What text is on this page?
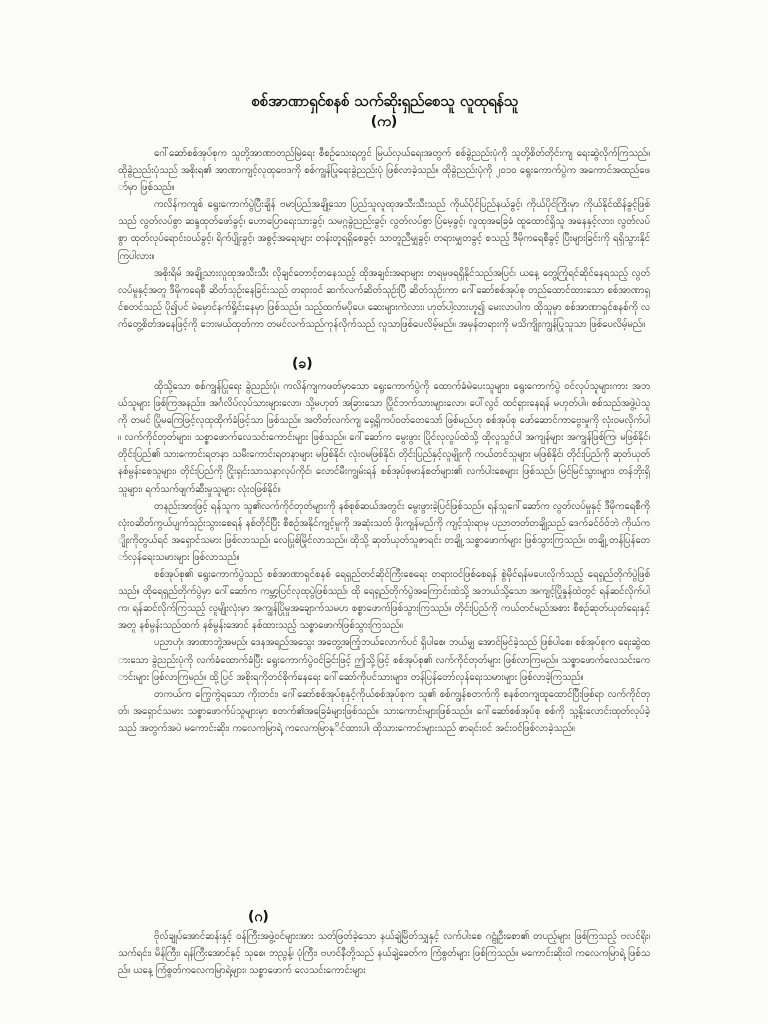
စစ်အာဏာရှင်စနစ် သက်ဆိုးရှည်စေသူ လူထုရန်သူ
(က)

ဂေါ်ဆော်စစ်အုပ်စုက သူတို့အာဏာတည်မြဲရေး စီစဉ်သေးရတွင် မြယ်လှယ်ရေးအတွက် စစ်ခွဲညည်းပုံကို သူတို့စိတ်တိုင်းကျ ရေးဆွဲလိုက်ကြသည်။ ထိုခွဲညည်းပုံသည် အစိုးရ၏ အာဏာကျင့်လုထုဗေဒကို စစ်ကျွန်ပြုရေးခွဲညည်းပုံ ဖြစ်လာခဲ့သည်။ ထိုခွဲညည်းပုံကို ၂၀၁၀ ရွေးကောက်ပွဲက အကောင်အထည်ဖော်မှာ ဖြစ်သည်။

ကလိန်ကကျစ် ရွေးကောက်ပွဲပြီးချိန် ဗမာပြည်အချို့သော ပြည်သူလူထုအသီးသီးသည် ကိုယ်ပိုင်ပြည်နယ်ခွင့်၊ ကိုယ်ပိုင်ကြိုးမှာ ကိုယ်နိုင်ထိန်ခွင့်ဖြစ်သည် လွတ်လပ်စွာ ဆန္ဒထုတ်ဖော်ခွင့်၊ ဟောပြောရေးသားခွင့်၊ သမဂ္ဂခွဲညည်းခွင့်၊ လွတ်လပ်စွာ ပြံမေ့ခွင့်၊ လူထုအခြေခံ ထူထောင်ရှိသူ အနေနှင့်လား၊ လွတ်လပ်စွာ ထုတ်လုပ်ရောင်းဝယ်ခွင့်၊ ရိက်ပျိုးခွင့်၊ အစွင့်အရေးများ တန်းတူရရှိစေခွင့်၊ သာတူညီမျှခွင့်၊ တရားမျှတခွင့် စသည့် ဒီမိုကရေစီခွင့် ပြီးများခြင်းကို ရရှိသွားနိုင်ကြပါလား။

အစိုးရိမ် အချို့သားလူထုအသီးသီး လိုချင်တောင့်တနေသည့် ထိုအချင်းအရာများ တရမှဖရရှိနိုင်သည်အပြင်၊ ယနေ့ တွေ့ကြုံရင်ဆိုင်နေရသည့် လွတ်လပ်မှုနှင့်အတူ ဒီမိုကရေစီ ဆိတ်သုဉ်းနေခြင်းသည် တရားဝင် ဆက်လက်ဆိတ်သုဉ်းပြီ ဆိတ်သုဉ်းကာ ဂေါ်ဆော်စစ်အုပ်စု တည်ထောင်ထားသော စစ်အာဏာရှင်စတင်သည် ပို၍ပင် မဲမှောင်နက်ရှိုင်းနေမှာ ဖြစ်သည်။ သည့်ထက်မပိုပေ၊ ဆေးများကဲလား၊ ဟုတ်ပါ့လားဟူ၍ မေးလာပါက ထိုသူမှာ စစ်အာဏာရှင်စနစ်ကို လက်တွေ့စိတ်အနေဖြင့်ကို ဘေးမယ်ထုတ်ကာ တမင်လက်သည်ကုန်လိုက်သည် လူသာဖြစ်ပေလိမ့်မည်။ အမှန်တရားကို မသိကျိုးကျွန်ပြုသူသာ ဖြစ်ပေလိမ့်မည်။

(ခ)

ထိုသို့သော စစ်ကျွန်ပြုရေး ခွဲညည်းပုံ၊ ကလိန်ကျကဖတ်မှာသော ရွေးကောက်ပွဲကို ထောက်ခံမဲပေးသူများ၊ ရွေးကောက်ပွဲ ဝင်လုပ်သူများကား အဘယ်သူများ ဖြစ်ကြအနည်း။ အင်္ဂလိပ်လုပ်သားများလော၊ သို့မဟုတ် အခြားသော ပြိုင်ဘက်သားများလော၊ ပေါ်လွင် ထင်ရှားနေရန် မဟုတ်ပါ။ စစ်သည်အဖွဲ့ပဲသူကို တမင် ပြိုမကြေဖြင့်လုထုထိုက်ခံဖြင့်သာ ဖြစ်သည်။ အတိတ်လက်ကျ ရှေ့ရှိကပ်ဝတ်တေသော် ဖြစ်မည်ဟု စစ်အုပ်စု ဖော်ဆောင်ကာဗွေးမှုကို လုံးဝမလိုက်ပါ။ လက်ကိုင်တုတ်များ၊ သစ္စာဖောက်လေသင်းကောင်းများ ဖြစ်သည်။ ဂေါ်ဆော်က မွေးဖွား ပြိုင်လုလွပ်ထဲသို့ ထိုလူသွင်ပါ အကျန်များ အကျွန်ဖြစ်ကြ၊ မဖြစ်နိုင်၊ တိုင်းပြည်၏ သားကောင်းရတနာ သမီးကောင်းရတနာများ မဖြစ်နိုင်၊ လုံးဝမဖြစ်နိုင်၊ တိုင်းပြည်နှင့်လူမျိုးကို ကယ်တင်သူများ မဖြစ်နိုင်၊ တိုင်းပြည်ကို ဆုတ်ယုတ်နစ်မွန်းစေသူများ၊ တိုင်းပြည်ကို ငြိုးရှင်းသာသနာလုပ်ကိုင်၊ လောင်မီးကျွမ်းရန် စစ်အုပ်စုမာန်စတ်များ၏ လက်ပါးစေများ ဖြစ်သည်၊ မြင်မြင်သွားများ၊ တန်ဘိုးရှိသူများ၊ ရက်သက်ဖျက်ဆီးမှုသူများ လုံးဝဖြစ်နိုင်။

တနည်းအားဖြင့် ရန်သူက သူ၏လက်ကိုင်တုတ်များကို နစ်စုစ်ဆယ်အတွင်း မွေးဖွားခဲ့ပြင်ဖြစ်သည်။ ရန်သူဂေါ်ဆော်က လွတ်လပ်မှုနှင့် ဒီမိုကရေစီကို လုံးဝဆိတ်ကွယ်ပျက်သုဉ်းသွားစေရန် နစ်တိုင်ပြီး စီစဉ်အနိုင်ကျင့်မှုကို အဆုံးသတ် ဖိုးကျန်မည်ကို ကျင့်သုံးရာမှ ပညာတတ်တချို့သည် ဒေက်ခင်ဝ်ဝ်ဘဲ ကိုယ်ကျိုးကိုတွယ်ရင် အရှောင်သမား ဖြစ်လာသည်၊ လေပြုစ်မြိုင်လာသည်။ ထိုသို့ ဆုတ်ယုတ်သူဇာရင်း တချို့ သစ္စာဖောက်များ ဖြစ်သွားကြသည်။ တချို့ တန်ပြန်တော်လှန်ရေးသမားများ ဖြစ်လာသည်။

စစ်အုပ်စု၏ ရွေးကောက်ပွဲသည် စစ်အာဏာရှင်စနစ် ရေရှည်တင်ဆိုင်ကြီးစေရေး တရားဝင်ဖြစ်စေရန် စွဲမိုင်ရန်မပေးလိုက်သည့် ရေရှည်တိုက်ပွဲဖြစ်သည်။ ထိုရေရှည်တိုက်ပွဲမှာ ဂေါ်ဆော်က ကမ္ဘာ့ပြင်လုထုပွဲဖြစ်သည်၊ ထို ရေရှည်တိုက်ပွဲအကြောင်းထဲသို့ အဘယ်သို့သော အကျင့်ပြိုနှုန်ထဲတွင် ရန်ဆင်လိုက်ပါက၊ ရန်ဆင်လိုက်ကြသည့် လူမျိုးလုံးမှာ အကျွန်ပြိုမှုအချောက်သမဟ စစ္စာဖောက်ဖြစ်သွားကြသည်။ တိုင်းပြည်ကို ကယ်တင်မည်အစား စီစဉ်ဆုတ်ယုတ်ရေးနှင့်အတူ နစ်မွန်းသည်ထက် နစ်မွန်းအောင် နစ်ထားသည့် သစ္စာဖောက်ဖြစ်သွားကြသည်။

ပညာဟုံ၊ အာဏာဘွဲ့အမည်၊ ဒေနအရည်အသွေး အတွေ့အကြုံဘယ်လောက်ပင် ရှိပါစေ၊ ဘယ်မျှ အောင်မြင်ခဲ့သည် ဖြစ်ပါစေ၊ စစ်အုပ်စုက ရေးဆွဲထားသော ခွဲညည်းပုံကို လက်ခံထောက်ခံပြီး ရွေးကောက်ပွဲဝင်ခြင်းဖြင့် ဤသို့ဖြင့် စစ်အုပ်စု၏ လက်ကိုင်တုတ်များ ဖြစ်လာကြမည်။ သစ္စာဖောက်လေသင်းကောင်းများ ဖြစ်လာကြမည်။ ထို့ပြင် အစိုးရကိုတင်စိုက်နေရေး ဂေါ်ဆော်ကိုပင်သားများ၊ တန်ပြန်တော်လှန်ရေးသမားများ ဖြစ်လာခဲ့ကြသည်။

တကယ်က ကြွေကွဲရသော ကိုးတင်း၊ ဂေါ်ဆော်စစ်အုပ်စုနှင့်ကိုယ်စစ်အုပ်စုက သူ၏ စစ်ကျွန်စတက်ကို စနစ်တကျထူထောင်ပြီးဖြစ်ရာ လက်ကိုင်တုတ်၊ အရှောင်သမား သစ္စာဖောက်ပ်သူများမှာ စတက်၏အခြေခံများဖြစ်သည်။ သားကောင်းများဖြစ်သည်။ ဂေါ်ဆော်စစ်အုပ်စု စစ်ကို သူ့နိုးလောင်းထုတ်လုပ်ခဲ့သည် အတွက်အပဲ မကောင်းဆိုး၊ ကလေကမြာရဲ့ ကလေကမြာနုိင်ထားပါ၊ ထိုသားကောင်းများသည် စာရင်းဝင် အင်းဝင်ဖြစ်လာခဲ့သည်။

(ဂ)

ဗိုလ်ချုပ်အောင်ဆန်းနှင့် ဝန်ကြီးအဖွဲ့ဝင်များအား သတ်ဖြတ်ခဲ့သော နယ်ချဲ့မြိတ်သျှနှင့် လက်ပါးစေ ဂဠုံဦးစော၏ တပည့်များ ဖြစ်ကြသည့် ဗလင်ရိုး၊ သက်ရင်း၊ မိန်ကြီး၊ ရန်ကြီးအောင်နှင့် သုစေ၊ ဘညွန့်၊ ပုံကြီး၊ ဗဟင်နီတို့သည် နယ်ချဲ့ခေတ်က ကြံစွတ်များ ဖြစ်ကြသည်။ မကောင်းဆိုးဝါ ကလေကမြာရဲ့ ဖြစ်သည်။ ယနေ့ ကြံစွတ်ကလေကမြာရဲ့များ၊ သစ္စာဖောက် လေသင်းကောင်းများ
